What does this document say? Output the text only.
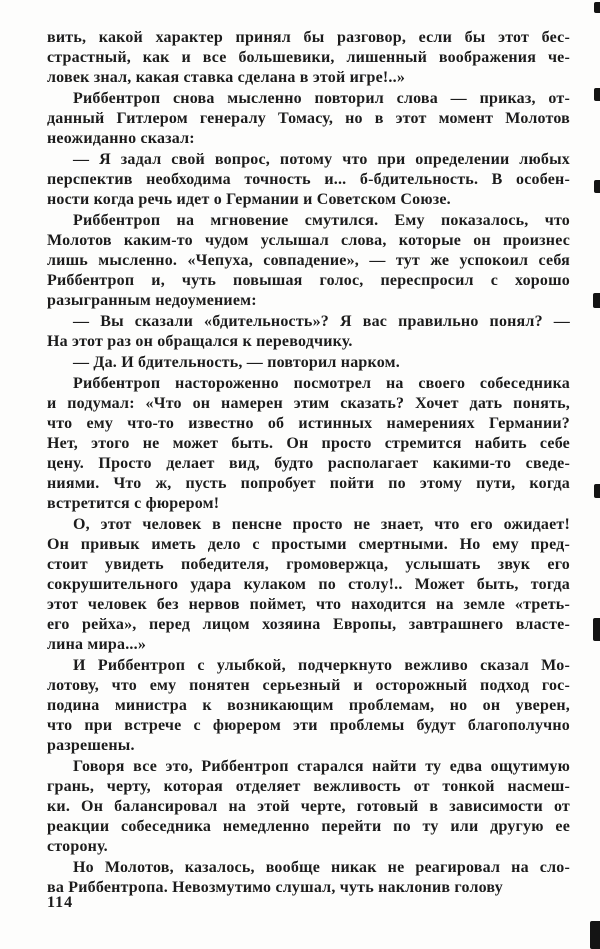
вить, какой характер принял бы разговор, если бы этот бес-
страстный, как и все большевики, лишенный воображения че-
ловек знал, какая ставка сделана в этой игре!..»
Риббентроп снова мысленно повторил слова — приказ, от-
данный Гитлером генералу Томасу, но в этот момент Молотов
неожиданно сказал:
— Я задал свой вопрос, потому что при определении любых
перспектив необходима точность и... б-бдительность. В особен-
ности когда речь идет о Германии и Советском Союзе.
Риббентроп на мгновение смутился. Ему показалось, что
Молотов каким-то чудом услышал слова, которые он произнес
лишь мысленно. «Чепуха, совпадение», — тут же успокоил себя
Риббентроп и, чуть повышая голос, переспросил с хорошо
разыгранным недоумением:
— Вы сказали «бдительность»? Я вас правильно понял? —
На этот раз он обращался к переводчику.
— Да. И бдительность, — повторил нарком.
Риббентроп настороженно посмотрел на своего собеседника
и подумал: «Что он намерен этим сказать? Хочет дать понять,
что ему что-то известно об истинных намерениях Германии?
Нет, этого не может быть. Он просто стремится набить себе
цену. Просто делает вид, будто располагает какими-то сведе-
ниями. Что ж, пусть попробует пойти по этому пути, когда
встретится с фюрером!
О, этот человек в пенсне просто не знает, что его ожидает!
Он привык иметь дело с простыми смертными. Но ему пред-
стоит увидеть победителя, громовержца, услышать звук его
сокрушительного удара кулаком по столу!.. Может быть, тогда
этот человек без нервов поймет, что находится на земле «треть-
его рейха», перед лицом хозяина Европы, завтрашнего власте-
лина мира...»
И Риббентроп с улыбкой, подчеркнуто вежливо сказал Мо-
лотову, что ему понятен серьезный и осторожный подход гос-
подина министра к возникающим проблемам, но он уверен,
что при встрече с фюрером эти проблемы будут благополучно
разрешены.
Говоря все это, Риббентроп старался найти ту едва ощутимую
грань, черту, которая отделяет вежливость от тонкой насмеш-
ки. Он балансировал на этой черте, готовый в зависимости от
реакции собеседника немедленно перейти по ту или другую ее
сторону.
Но Молотов, казалось, вообще никак не реагировал на сло-
ва Риббентропа. Невозмутимо слушал, чуть наклонив голову
114
